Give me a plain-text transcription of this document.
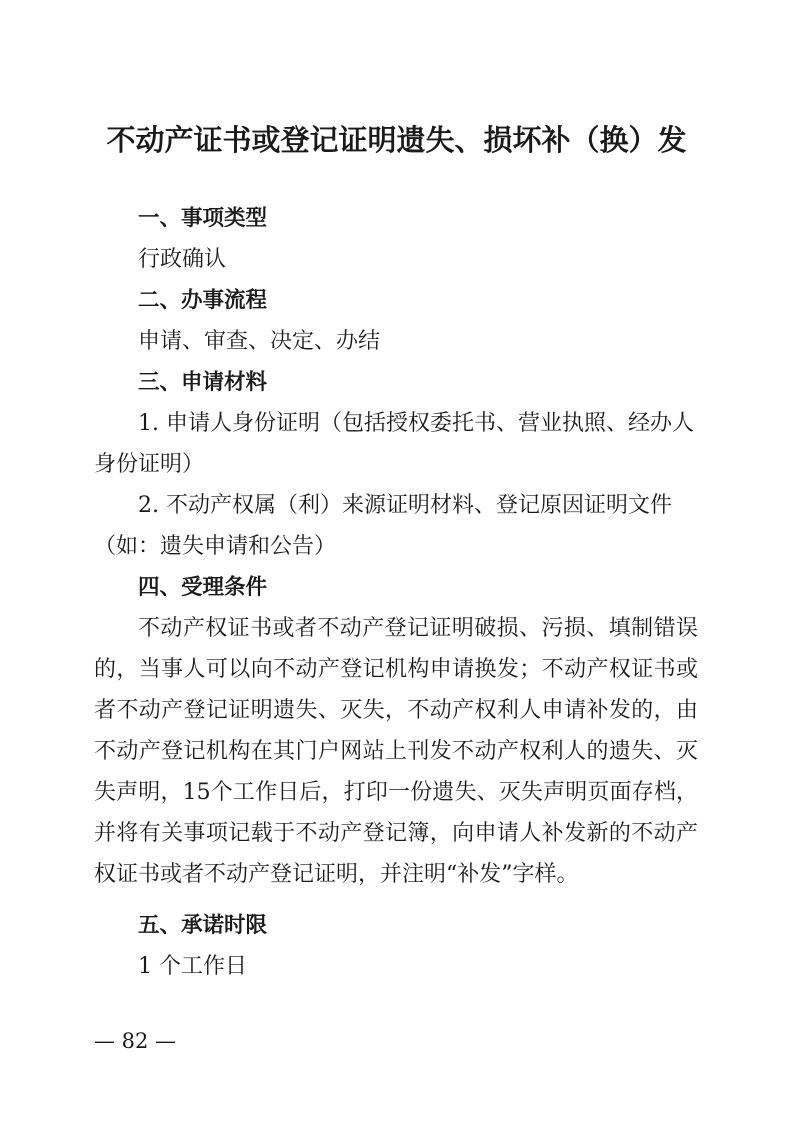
不动产证书或登记证明遗失、损坏补（换）发

一、事项类型

行政确认

二、办事流程

申请、审查、决定、办结

三、申请材料

1. 申请人身份证明（包括授权委托书、营业执照、经办人身份证明）

2. 不动产权属（利）来源证明材料、登记原因证明文件（如：遗失申请和公告）

四、受理条件

不动产权证书或者不动产登记证明破损、污损、填制错误的，当事人可以向不动产登记机构申请换发；不动产权证书或者不动产登记证明遗失、灭失，不动产权利人申请补发的，由不动产登记机构在其门户网站上刊发不动产权利人的遗失、灭失声明，15个工作日后，打印一份遗失、灭失声明页面存档，并将有关事项记载于不动产登记簿，向申请人补发新的不动产权证书或者不动产登记证明，并注明“补发”字样。

五、承诺时限

1 个工作日

— 82 —
